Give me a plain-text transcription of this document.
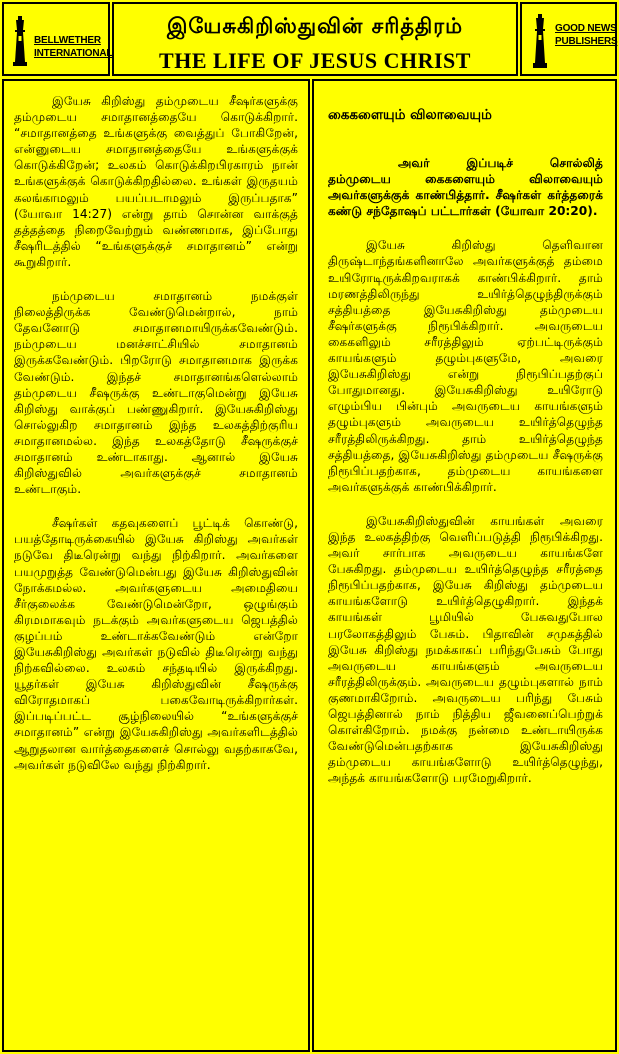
BELLWETHER
INTERNATIONAL
இயேசுகிறிஸ்துவின் சரித்திரம்
THE LIFE OF JESUS CHRIST
GOOD NEWS
PUBLISHERS

இயேசு கிறிஸ்து தம்முடைய சீஷர்களுக்கு தம்முடைய சமாதானத்தையே கொடுக்கிறார். “சமாதானத்தை உங்களுக்கு வைத்துப் போகிறேன், என்னுடைய சமாதானத்தையே உங்களுக்குக் கொடுக்கிறேன்; உலகம் கொடுக்கிறபிரகாரம் நான் உங்களுக்குக் கொடுக்கிறதில்லை. உங்கள் இருதயம் கலங்காமலும் பயப்படாமலும் இருப்பதாக” (யோவா 14:27) என்று தாம் சொன்ன வாக்குத் தத்தத்தை நிறைவேற்றும் வண்ணமாக, இப்போது சீஷரிடத்தில் “உங்களுக்குச் சமாதானம்” என்று கூறுகிறார்.

நம்முடைய சமாதானம் நமக்குள் நிலைத்திருக்க வேண்டுமென்றால், நாம் தேவனோடு சமாதானமாயிருக்கவேண்டும். நம்முடைய மனச்சாட்சியில் சமாதானம் இருக்கவேண்டும். பிறரோடு சமாதானமாக இருக்க வேண்டும். இந்தச் சமாதானங்களெல்லாம் தம்முடைய சீஷருக்கு உண்டாகுமென்று இயேசு கிறிஸ்து வாக்குப் பண்ணுகிறார். இயேசுகிறிஸ்து சொல்லுகிற சமாதானம் இந்த உலகத்திற்குரிய சமாதானமல்ல. இந்த உலகத்தோடு சீஷருக்குச் சமாதானம் உண்டாகாது. ஆனால் இயேசு கிறிஸ்துவில் அவர்களுக்குச் சமாதானம் உண்டாகும்.

சீஷர்கள் கதவுகளைப் பூட்டிக் கொண்டு, பயத்தோடிருக்கையில் இயேசு கிறிஸ்து அவர்கள் நடுவே திடீரென்று வந்து நிற்கிறார். அவர்களை பயமுறுத்த வேண்டுமென்பது இயேசு கிறிஸ்துவின் நோக்கமல்ல. அவர்களுடைய அமைதியை சீர்குலைக்க வேண்டுமென்றோ, ஒழுங்கும் கிரமமாகவும் நடக்கும் அவர்களுடைய ஜெபத்தில் குழப்பம் உண்டாக்கவேண்டும் என்றோ இயேசுகிறிஸ்து அவர்கள் நடுவில் திடீரென்று வந்து நிற்கவில்லை. உலகம் சந்தடியில் இருக்கிறது. யூதர்கள் இயேசு கிறிஸ்துவின் சீஷருக்கு விரோதமாகப் பகைவோடிருக்கிறார்கள். இப்படிப்பட்ட சூழ்நிலையில் “உங்களுக்குச் சமாதானம்” என்று இயேசுகிறிஸ்து அவர்களிடத்தில் ஆறுதலான வார்த்தைகளைச் சொல்லு வதற்காகவே, அவர்கள் நடுவிலே வந்து நிற்கிறார்.

கைகளையும் விலாவையும்

அவர் இப்படிச் சொல்லித் தம்முடைய கைகளையும் விலாவையும் அவர்களுக்குக் காண்பித்தார். சீஷர்கள் கர்த்தரைக் கண்டு சந்தோஷப் பட்டார்கள் (யோவா 20:20).

இயேசு கிறிஸ்து தெளிவான திருஷ்டாந்தங்களினாலே அவர்களுக்குத் தம்மை உயிரோடிருக்கிறவராகக் காண்பிக்கிறார். தாம் மரணத்திலிருந்து உயிர்த்தெழுந்திருக்கும் சத்தியத்தை இயேசுகிறிஸ்து தம்முடைய சீஷர்களுக்கு நிரூபிக்கிறார். அவருடைய கைகளிலும் சரீரத்திலும் ஏற்பட்டிருக்கும் காயங்களும் தழும்புகளுமே, அவரை இயேசுகிறிஸ்து என்று நிரூபிப்பதற்குப் போதுமானது. இயேசுகிறிஸ்து உயிரோடு எழும்பிய பின்பும் அவருடைய காயங்களும் தழும்புகளும் அவருடைய உயிர்த்தெழுந்த சரீரத்திலிருக்கிறது. தாம் உயிர்த்தெழுந்த சத்தியத்தை, இயேசுகிறிஸ்து தம்முடைய சீஷருக்கு நிரூபிப்பதற்காக, தம்முடைய காயங்களை அவர்களுக்குக் காண்பிக்கிறார்.

இயேசுகிறிஸ்துவின் காயங்கள் அவரை இந்த உலகத்திற்கு வெளிப்படுத்தி நிரூபிக்கிறது. அவர் சார்பாக அவருடைய காயங்களே பேசுகிறது. தம்முடைய உயிர்த்தெழுந்த சரீரத்தை நிரூபிப்பதற்காக, இயேசு கிறிஸ்து தம்முடைய காயங்களோடு உயிர்த்தெழுகிறார். இந்தக் காயங்கள் பூமியில் பேசுவதுபோல பரலோகத்திலும் பேசும். பிதாவின் சமுகத்தில் இயேசு கிறிஸ்து நமக்காகப் பரிந்துபேசும் போது அவருடைய காயங்களும் அவருடைய சரீரத்திலிருக்கும். அவருடைய தழும்புகளால் நாம் குணமாகிறோம். அவருடைய பரிந்து பேசும் ஜெபத்தினால் நாம் நித்திய ஜீவனைப்பெற்றுக் கொள்கிறோம். நமக்கு நன்மை உண்டாயிருக்க வேண்டுமென்பதற்காக இயேசுகிறிஸ்து தம்முடைய காயங்களோடு உயிர்த்தெழுந்து, அந்தக் காயங்களோடு பரமேறுகிறார்.
